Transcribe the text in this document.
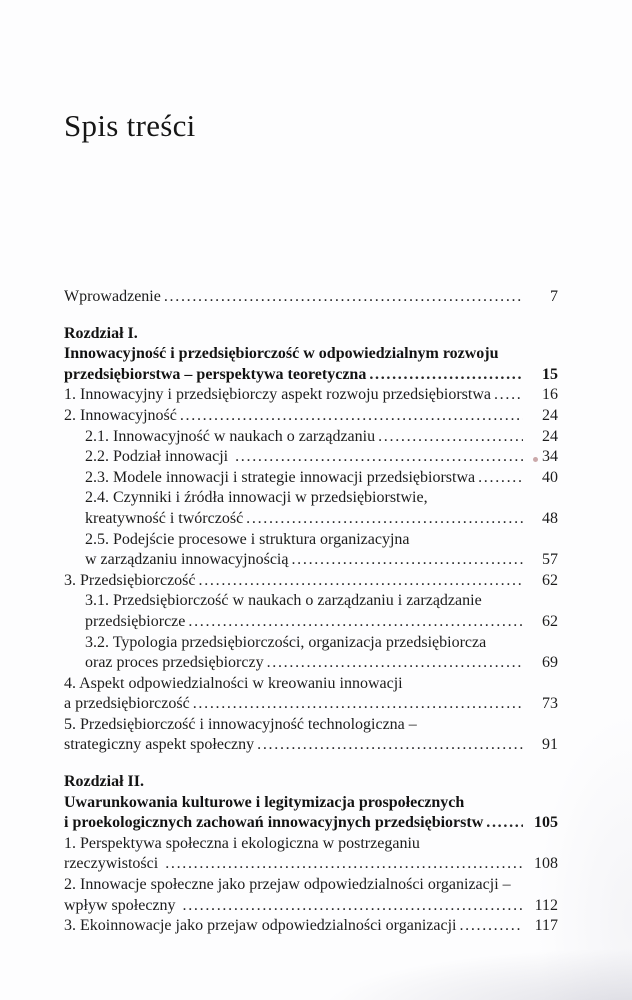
Spis treści
Wprowadzenie .....	7
Rozdział I.
Innowacyjność i przedsiębiorczość w odpowiedzialnym rozwoju
przedsiębiorstwa – perspektywa teoretyczna .....	15
1. Innowacyjny i przedsiębiorczy aspekt rozwoju przedsiębiorstwa .....	16
2. Innowacyjność .....	24
2.1. Innowacyjność w naukach o zarządzaniu .....	24
2.2. Podział innowacji .....	34
2.3. Modele innowacji i strategie innowacji przedsiębiorstwa .....	40
2.4. Czynniki i źródła innowacji w przedsiębiorstwie,
kreatywność i twórczość .....	48
2.5. Podejście procesowe i struktura organizacyjna
w zarządzaniu innowacyjnością .....	57
3. Przedsiębiorczość .....	62
3.1. Przedsiębiorczość w naukach o zarządzaniu i zarządzanie
przedsiębiorcze .....	62
3.2. Typologia przedsiębiorczości, organizacja przedsiębiorcza
oraz proces przedsiębiorczy .....	69
4. Aspekt odpowiedzialności w kreowaniu innowacji
a przedsiębiorczość .....	73
5. Przedsiębiorczość i innowacyjność technologiczna –
strategiczny aspekt społeczny .....	91
Rozdział II.
Uwarunkowania kulturowe i legitymizacja prospołecznych
i proekologicznych zachowań innowacyjnych przedsiębiorstw .....	105
1. Perspektywa społeczna i ekologiczna w postrzeganiu
rzeczywistości .....	108
2. Innowacje społeczne jako przejaw odpowiedzialności organizacji –
wpływ społeczny .....	112
3. Ekoinnowacje jako przejaw odpowiedzialności organizacji .....	117
